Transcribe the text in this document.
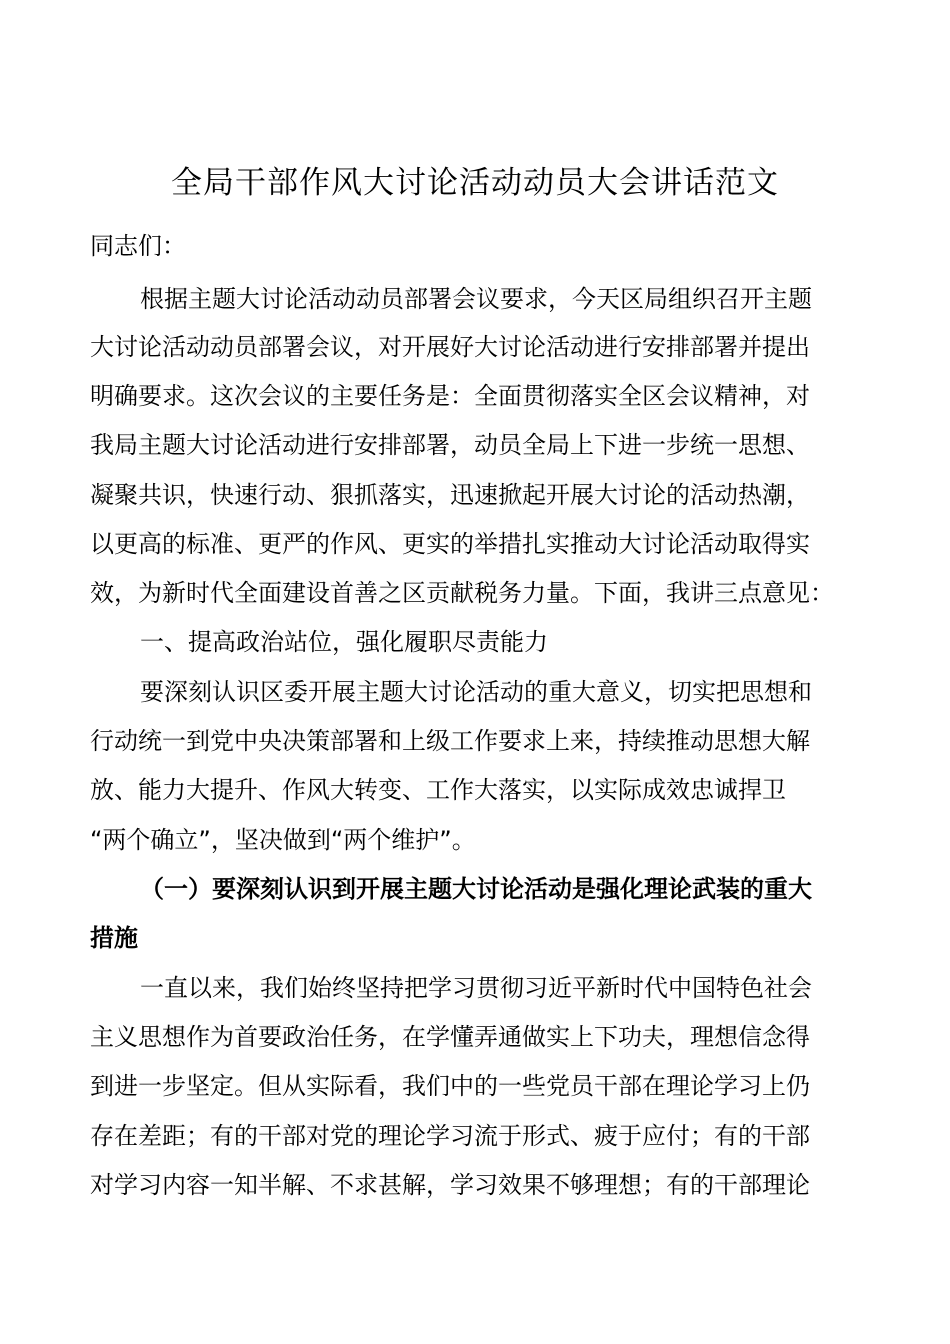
全局干部作风大讨论活动动员大会讲话范文
同志们：
根据主题大讨论活动动员部署会议要求，今天区局组织召开主题
大讨论活动动员部署会议，对开展好大讨论活动进行安排部署并提出
明确要求。这次会议的主要任务是：全面贯彻落实全区会议精神，对
我局主题大讨论活动进行安排部署，动员全局上下进一步统一思想、
凝聚共识，快速行动、狠抓落实，迅速掀起开展大讨论的活动热潮，
以更高的标准、更严的作风、更实的举措扎实推动大讨论活动取得实
效，为新时代全面建设首善之区贡献税务力量。下面，我讲三点意见：
一、提高政治站位，强化履职尽责能力
要深刻认识区委开展主题大讨论活动的重大意义，切实把思想和
行动统一到党中央决策部署和上级工作要求上来，持续推动思想大解
放、能力大提升、作风大转变、工作大落实，以实际成效忠诚捍卫
“两个确立”，坚决做到“两个维护”。
（一）要深刻认识到开展主题大讨论活动是强化理论武装的重大
措施
一直以来，我们始终坚持把学习贯彻习近平新时代中国特色社会
主义思想作为首要政治任务，在学懂弄通做实上下功夫，理想信念得
到进一步坚定。但从实际看，我们中的一些党员干部在理论学习上仍
存在差距；有的干部对党的理论学习流于形式、疲于应付；有的干部
对学习内容一知半解、不求甚解，学习效果不够理想；有的干部理论
